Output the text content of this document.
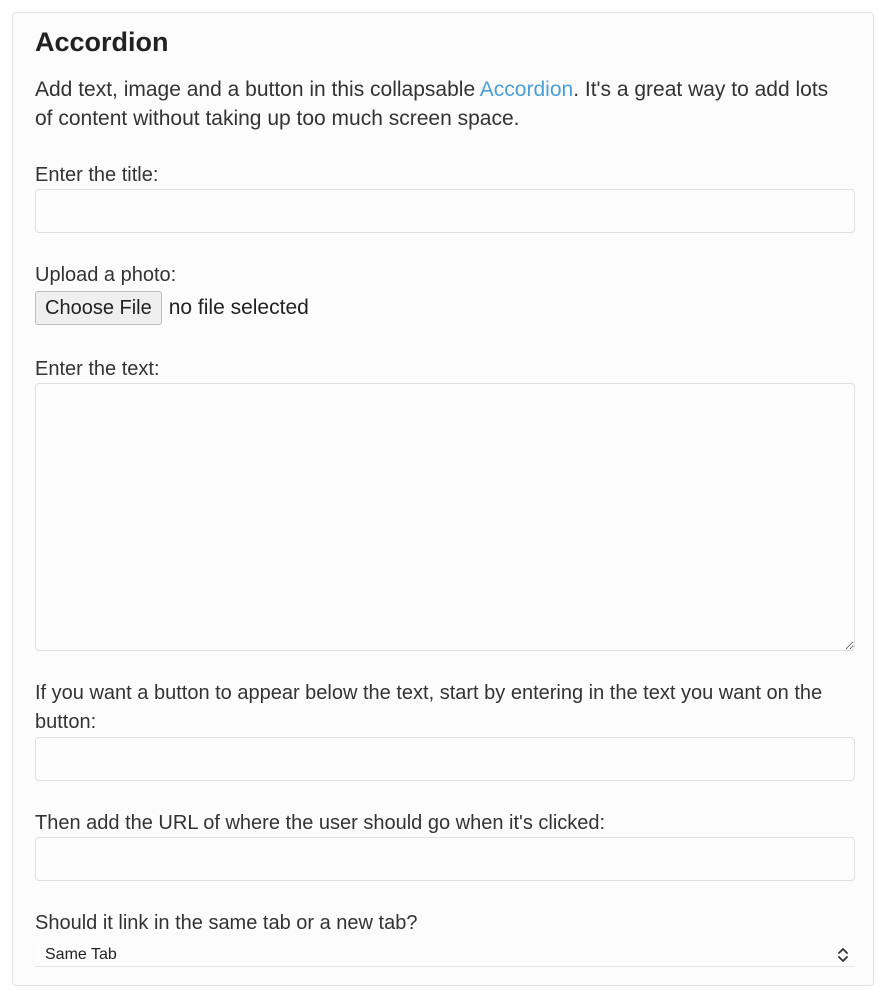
Accordion

Add text, image and a button in this collapsable Accordion. It's a great way to add lots of content without taking up too much screen space.

Enter the title:

Upload a photo:

Choose File no file selected

Enter the text:

If you want a button to appear below the text, start by entering in the text you want on the button:

Then add the URL of where the user should go when it's clicked:

Should it link in the same tab or a new tab?

Same Tab
